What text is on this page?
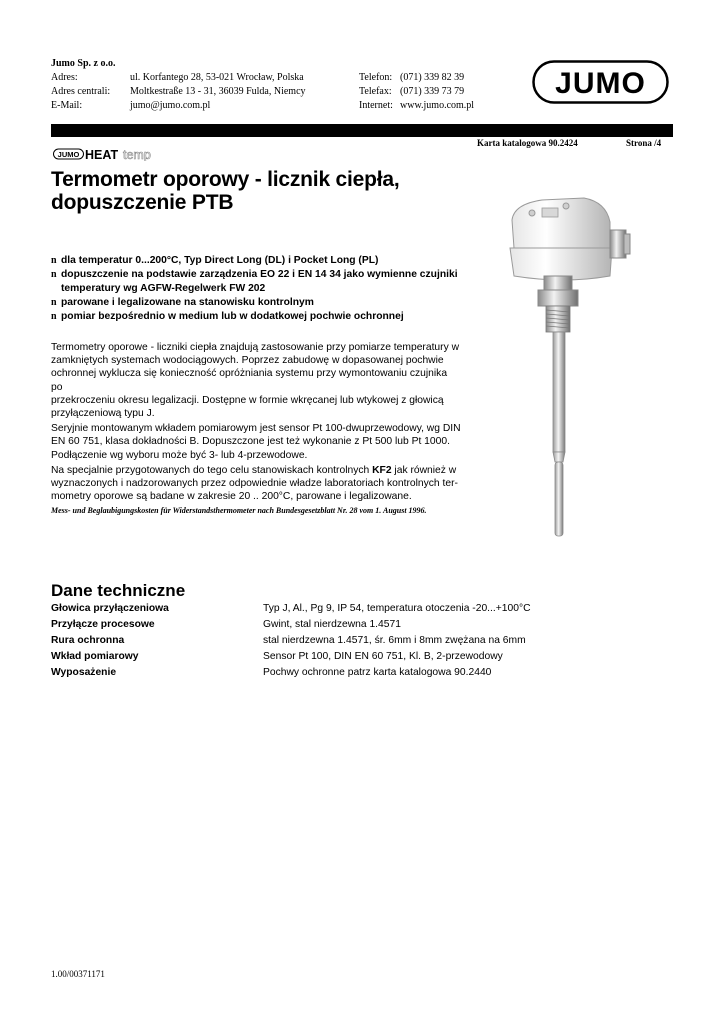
Jumo Sp. z o.o.
Adres:	ul. Korfantego 28, 53-021 Wrocław, Polska	Telefon: (071) 339 82 39
Adres centrali: Moltkestraße 13 - 31, 36039 Fulda, Niemcy	Telefax: (071) 339 73 79
E-Mail:	jumo@jumo.com.pl	Internet: www.jumo.com.pl
JUMO
Karta katalogowa 90.2424	Strona /4
JUMO HEAT temp
Termometr oporowy - licznik ciepła,
dopuszczenie PTB
n dla temperatur 0...200°C, Typ Direct Long (DL) i Pocket Long (PL)
n dopuszczenie na podstawie zarządzenia EO 22 i EN 14 34 jako wymienne czujniki
temperatury wg AGFW-Regelwerk FW 202
n parowane i legalizowane na stanowisku kontrolnym
n pomiar bezpośrednio w medium lub w dodatkowej pochwie ochronnej

Termometry oporowe - liczniki ciepła znajdują zastosowanie przy pomiarze temperatury w
zamkniętych systemach wodociągowych. Poprzez zabudowę w dopasowanej pochwie
ochronnej wyklucza się konieczność opróżniania systemu przy wymontowaniu czujnika po
przekroczeniu okresu legalizacji. Dostępne w formie wkręcanej lub wtykowej z głowicą
przyłączeniową typu J.

Seryjnie montowanym wkładem pomiarowym jest sensor Pt 100-dwuprzewodowy, wg DIN
EN 60 751, klasa dokładności B. Dopuszczone jest też wykonanie z Pt 500 lub Pt 1000.
Podłączenie wg wyboru może być 3- lub 4-przewodowe.

Na specjalnie przygotowanych do tego celu stanowiskach kontrolnych KF2 jak również w
wyznaczonych i nadzorowanych przez odpowiednie władze laboratoriach kontrolnych ter-
mometry oporowe są badane w zakresie 20 .. 200°C, parowane i legalizowane.

Mess- und Beglaubigungskosten für Widerstandsthermometer nach Bundesgesetzblatt Nr. 28 vom 1. August 1996.
Dane techniczne
Głowica przyłączeniowa	Typ J, Al., Pg 9, IP 54, temperatura otoczenia -20...+100°C
Przyłącze procesowe	Gwint, stal nierdzewna 1.4571
Rura ochronna	stal nierdzewna 1.4571, śr. 6mm i 8mm zwężana na 6mm
Wkład pomiarowy	Sensor Pt 100, DIN EN 60 751, Kl. B, 2-przewodowy
Wyposażenie	Pochwy ochronne patrz karta katalogowa 90.2440
1.00/00371171
